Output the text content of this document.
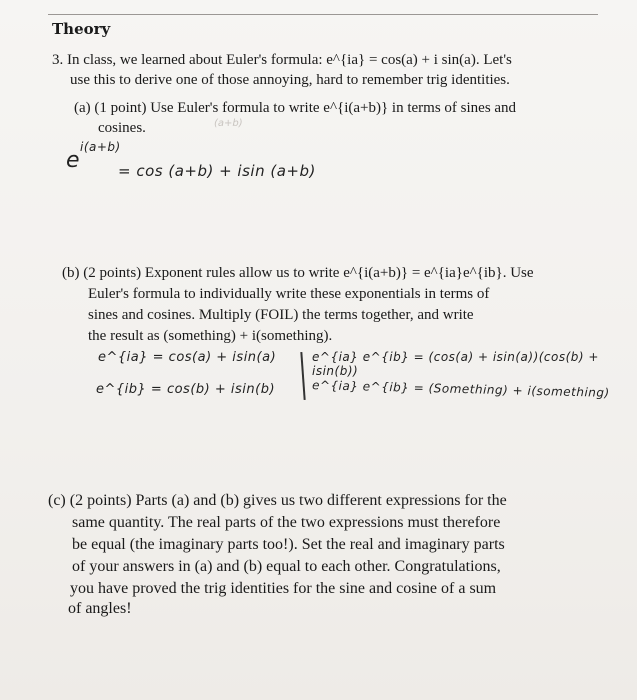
Theory
3. In class, we learned about Euler's formula: e^{ia} = cos(a) + i sin(a). Let's
use this to derive one of those annoying, hard to remember trig identities.
(a) (1 point) Use Euler's formula to write e^{i(a+b)} in terms of sines and
cosines.	(a+b)
e
i(a+b)
= cos (a+b) + isin (a+b)
(b) (2 points) Exponent rules allow us to write e^{i(a+b)} = e^{ia}e^{ib}. Use
Euler's formula to individually write these exponentials in terms of
sines and cosines. Multiply (FOIL) the terms together, and write
the result as (something) + i(something).
e^{ia} = cos(a) + isin(a)	e^{ia} e^{ib} = (cos(a) + isin(a))(cos(b) + isin(b))
e^{ib} = cos(b) + isin(b)	e^{ia} e^{ib} = (Something) + i(something)
(c) (2 points) Parts (a) and (b) gives us two different expressions for the
same quantity. The real parts of the two expressions must therefore
be equal (the imaginary parts too!). Set the real and imaginary parts
of your answers in (a) and (b) equal to each other. Congratulations,
you have proved the trig identities for the sine and cosine of a sum
of angles!
